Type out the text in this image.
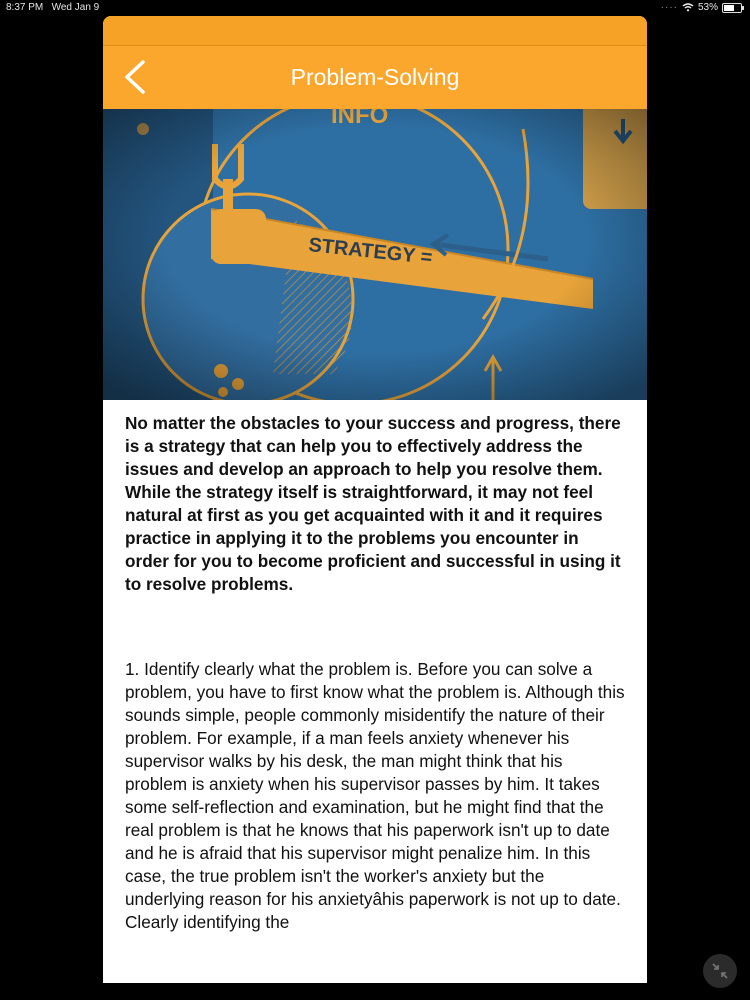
8:37 PM Wed Jan 9	···· 53%
Problem-Solving

No matter the obstacles to your success and progress, there is a strategy that can help you to effectively address the issues and develop an approach to help you resolve them. While the strategy itself is straightforward, it may not feel natural at first as you get acquainted with it and it requires practice in applying it to the problems you encounter in order for you to become proficient and successful in using it to resolve problems.

1. Identify clearly what the problem is. Before you can solve a problem, you have to first know what the problem is. Although this sounds simple, people commonly misidentify the nature of their problem. For example, if a man feels anxiety whenever his supervisor walks by his desk, the man might think that his problem is anxiety when his supervisor passes by him. It takes some self-reflection and examination, but he might find that the real problem is that he knows that his paperwork isn't up to date and he is afraid that his supervisor might penalize him. In this case, the true problem isn't the worker's anxiety but the underlying reason for his anxietyâhis paperwork is not up to date. Clearly identifying the
